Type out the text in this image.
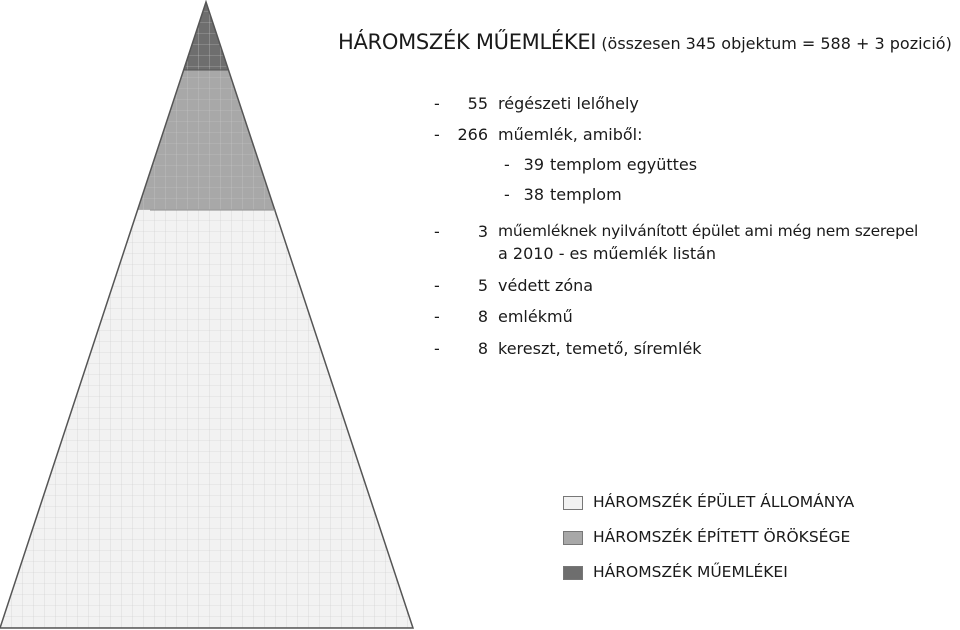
HÁROMSZÉK MŰEMLÉKEI (összesen 345 objektum = 588 + 3 pozició)
-	55 régészeti lelőhely
-	266 műemlék, amiből:
- 39 templom együttes
- 38 templom
-	3 műemléknek nyilvánított épület ami még nem szerepel
a 2010 - es műemlék listán
-	5 védett zóna
-	8 emlékmű
-	8 kereszt, temető, síremlék
HÁROMSZÉK ÉPÜLET ÁLLOMÁNYA
HÁROMSZÉK ÉPÍTETT ÖRÖKSÉGE
HÁROMSZÉK MŰEMLÉKEI
